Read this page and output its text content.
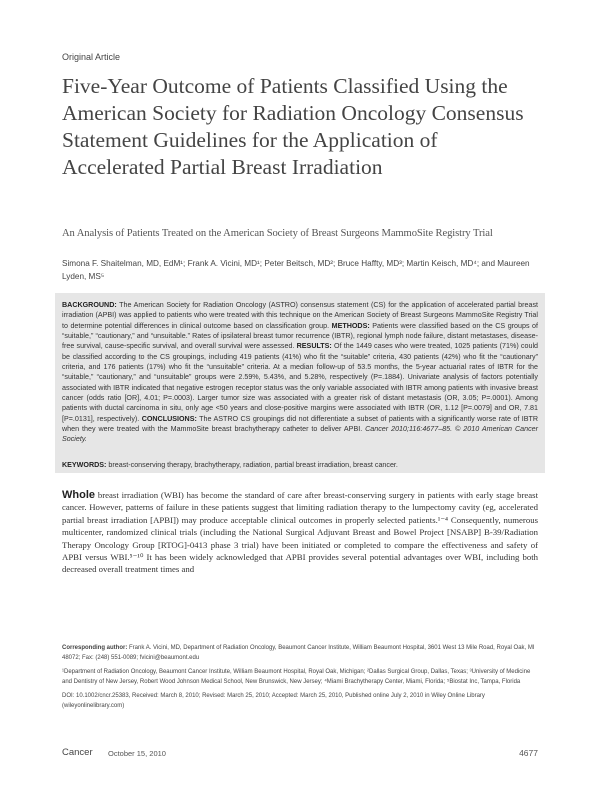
Original Article
Five-Year Outcome of Patients Classified Using the American Society for Radiation Oncology Consensus Statement Guidelines for the Application of Accelerated Partial Breast Irradiation
An Analysis of Patients Treated on the American Society of Breast Surgeons MammoSite Registry Trial
Simona F. Shaitelman, MD, EdM¹; Frank A. Vicini, MD¹; Peter Beitsch, MD²; Bruce Haffty, MD³; Martin Keisch, MD⁴; and Maureen Lyden, MS⁵
BACKGROUND: The American Society for Radiation Oncology (ASTRO) consensus statement (CS) for the application of accelerated partial breast irradiation (APBI) was applied to patients who were treated with this technique on the American Society of Breast Surgeons MammoSite Registry Trial to determine potential differences in clinical outcome based on classification group. METHODS: Patients were classified based on the CS groups of “suitable,” “cautionary,” and “unsuitable.” Rates of ipsilateral breast tumor recurrence (IBTR), regional lymph node failure, distant metastases, disease-free survival, cause-specific survival, and overall survival were assessed. RESULTS: Of the 1449 cases who were treated, 1025 patients (71%) could be classified according to the CS groupings, including 419 patients (41%) who fit the “suitable” criteria, 430 patients (42%) who fit the “cautionary” criteria, and 176 patients (17%) who fit the “unsuitable” criteria. At a median follow-up of 53.5 months, the 5-year actuarial rates of IBTR for the “suitable,” “cautionary,” and “unsuitable” groups were 2.59%, 5.43%, and 5.28%, respectively (P=.1884). Univariate analysis of factors potentially associated with IBTR indicated that negative estrogen receptor status was the only variable associated with IBTR among patients with invasive breast cancer (odds ratio [OR], 4.01; P=.0003). Larger tumor size was associated with a greater risk of distant metastasis (OR, 3.05; P=.0001). Among patients with ductal carcinoma in situ, only age <50 years and close-positive margins were associated with IBTR (OR, 1.12 [P=.0079] and OR, 7.81 [P=.0131], respectively). CONCLUSIONS: The ASTRO CS groupings did not differentiate a subset of patients with a significantly worse rate of IBTR when they were treated with the MammoSite breast brachytherapy catheter to deliver APBI. Cancer 2010;116:4677–85. © 2010 American Cancer Society.
KEYWORDS: breast-conserving therapy, brachytherapy, radiation, partial breast irradiation, breast cancer.
Whole breast irradiation (WBI) has become the standard of care after breast-conserving surgery in patients with early stage breast cancer. However, patterns of failure in these patients suggest that limiting radiation therapy to the lumpectomy cavity (eg, accelerated partial breast irradiation [APBI]) may produce acceptable clinical outcomes in properly selected patients.¹⁻⁴ Consequently, numerous multicenter, randomized clinical trials (including the National Surgical Adjuvant Breast and Bowel Project [NSABP] B-39/Radiation Therapy Oncology Group [RTOG]-0413 phase 3 trial) have been initiated or completed to compare the effectiveness and safety of APBI versus WBI.⁵⁻¹⁰ It has been widely acknowledged that APBI provides several potential advantages over WBI, including both decreased overall treatment times and

Corresponding author: Frank A. Vicini, MD, Department of Radiation Oncology, Beaumont Cancer Institute, William Beaumont Hospital, 3601 West 13 Mile Road, Royal Oak, MI 48072; Fax: (248) 551-0089; fvicini@beaumont.edu

¹Department of Radiation Oncology, Beaumont Cancer Institute, William Beaumont Hospital, Royal Oak, Michigan; ²Dallas Surgical Group, Dallas, Texas; ³University of Medicine and Dentistry of New Jersey, Robert Wood Johnson Medical School, New Brunswick, New Jersey; ⁴Miami Brachytherapy Center, Miami, Florida; ⁵Biostat Inc, Tampa, Florida

DOI: 10.1002/cncr.25383, Received: March 8, 2010; Revised: March 25, 2010; Accepted: March 25, 2010, Published online July 2, 2010 in Wiley Online Library (wileyonlinelibrary.com)

Cancer October 15, 2010	4677
